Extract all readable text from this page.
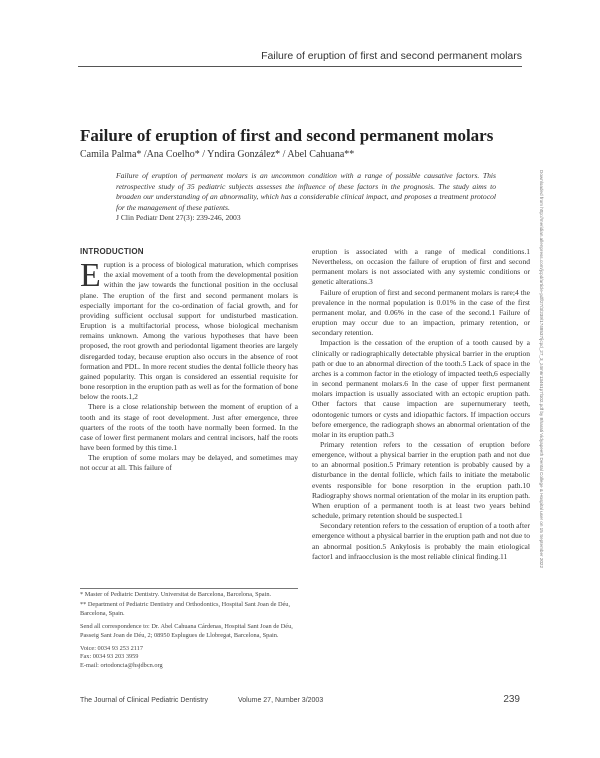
Failure of eruption of first and second permanent molars
Failure of eruption of first and second permanent molars
Camila Palma* /Ana Coelho* / Yndira González* / Abel Cahuana**
Failure of eruption of permanent molars is an uncommon condition with a range of possible causative factors. This retrospective study of 35 pediatric subjects assesses the influence of these factors in the prognosis. The study aims to broaden our understanding of an abnormality, which has a considerable clinical impact, and proposes a treatment protocol for the management of these patients.
J Clin Pediatr Dent 27(3): 239-246, 2003	Downloaded from http://meridian.allenpress.com/jcpd/article-pdf/27/3/239/1748537/jcpd_27_3_z4m6r13461p7l102.pdf by Bharati Vidyapeeth Dental College & Hospital user on 15 September 2022
INTRODUCTION

Eruption is a process of biological maturation, which comprises the axial movement of a tooth from the developmental position within the jaw towards the functional position in the occlusal plane. The eruption of the first and second permanent molars is especially important for the co-ordination of facial growth, and for providing sufficient occlusal support for undisturbed mastication. Eruption is a multifactorial process, whose biological mechanism remains unknown. Among the various hypotheses that have been proposed, the root growth and periodontal ligament theories are largely disregarded today, because eruption also occurs in the absence of root formation and PDL. In more recent studies the dental follicle theory has gained popularity. This organ is considered an essential requisite for bone resorption in the eruption path as well as for the formation of bone below the roots.1,2

There is a close relationship between the moment of eruption of a tooth and its stage of root development. Just after emergence, three quarters of the roots of the tooth have normally been formed. In the case of lower first permanent molars and central incisors, half the roots have been formed by this time.1

The eruption of some molars may be delayed, and sometimes may not occur at all. This failure of

* Master of Pediatric Dentistry. Universitat de Barcelona, Barcelona, Spain.

** Department of Pediatric Dentistry and Orthodontics, Hospital Sant Joan de Déu, Barcelona, Spain.

Send all correspondence to: Dr. Abel Cahuana Cárdenas, Hospital Sant Joan de Déu, Passeig Sant Joan de Déu, 2; 08950 Esplugues de Llobregat, Barcelona, Spain.

Voice: 0034 93 253 2117

Fax: 0034 93 203 3959

E-mail: ortodoncia@hsjdbcn.org

eruption is associated with a range of medical conditions.1 Nevertheless, on occasion the failure of eruption of first and second permanent molars is not associated with any systemic conditions or genetic alterations.3

Failure of eruption of first and second permanent molars is rare;4 the prevalence in the normal population is 0.01% in the case of the first permanent molar, and 0.06% in the case of the second.1 Failure of eruption may occur due to an impaction, primary retention, or secondary retention.

Impaction is the cessation of the eruption of a tooth caused by a clinically or radiographically detectable physical barrier in the eruption path or due to an abnormal direction of the tooth.5 Lack of space in the arches is a common factor in the etiology of impacted teeth,6 especially in second permanent molars.6 In the case of upper first permanent molars impaction is usually associated with an ectopic eruption path. Other factors that cause impaction are supernumerary teeth, odontogenic tumors or cysts and idiopathic factors. If impaction occurs before emergence, the radiograph shows an abnormal orientation of the molar in its eruption path.3

Primary retention refers to the cessation of eruption before emergence, without a physical barrier in the eruption path and not due to an abnormal position.5 Primary retention is probably caused by a disturbance in the dental follicle, which fails to initiate the metabolic events responsible for bone resorption in the eruption path.10 Radiography shows normal orientation of the molar in its eruption path. When eruption of a permanent tooth is at least two years behind schedule, primary retention should be suspected.1

Secondary retention refers to the cessation of eruption of a tooth after emergence without a physical barrier in the eruption path and not due to an abnormal position.5 Ankylosis is probably the main etiological factor1 and infraocclusion is the most reliable clinical finding.11

The Journal of Clinical Pediatric Dentistry	Volume 27, Number 3/2003	239
